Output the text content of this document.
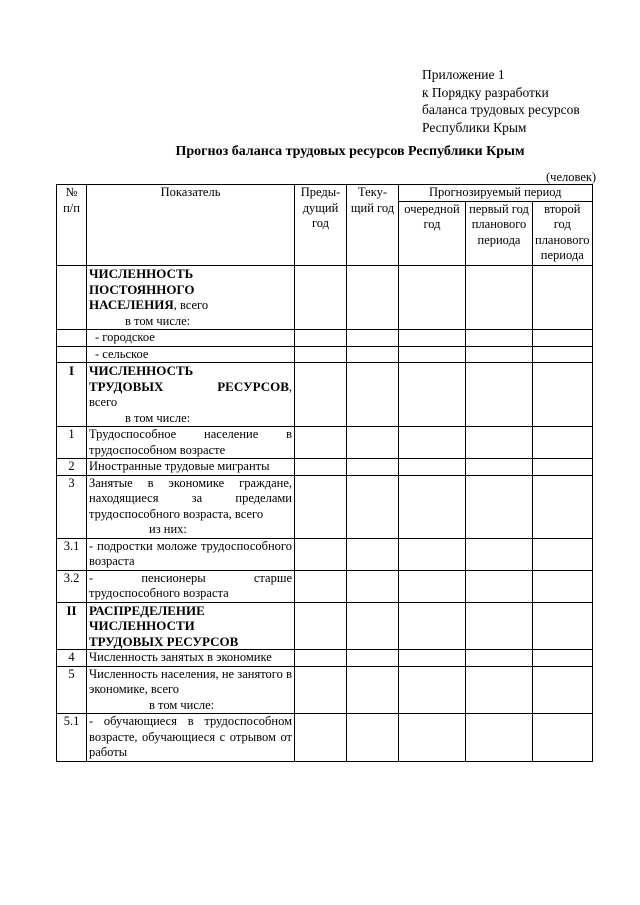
Приложение 1
к Порядку разработки
баланса трудовых ресурсов
Республики Крым
Прогноз баланса трудовых ресурсов Республики Крым
(человек)
№ п/п	Показатель	Преды-дущий год	Теку-щий год	Прогнозируемый период		
				очередной год	первый год планового периода	второй год планового периода

	ЧИСЛЕННОСТЬ
ПОСТОЯННОГО
НАСЕЛЕНИЯ, всего
в том числе:					

	- городское					
	- сельское					
I	ЧИСЛЕННОСТЬ
ТРУДОВЫХ РЕСУРСОВ,
всего
в том числе:					

1	Трудоспособное население в трудоспособном возрасте					
2	Иностранные трудовые мигранты					
3	Занятые в экономике граждане, находящиеся за пределами трудоспособного возраста, всего
из них:					

3.1	- подростки моложе трудоспособного возраста					
3.2	- пенсионеры старше трудоспособного возраста					
II	РАСПРЕДЕЛЕНИЕ
ЧИСЛЕННОСТИ
ТРУДОВЫХ РЕСУРСОВ					

4	Численность занятых в экономике					
5	Численность населения, не занятого в экономике, всего
в том числе:					

5.1	- обучающиеся в трудоспособном возрасте, обучающиеся с отрывом от работы					
